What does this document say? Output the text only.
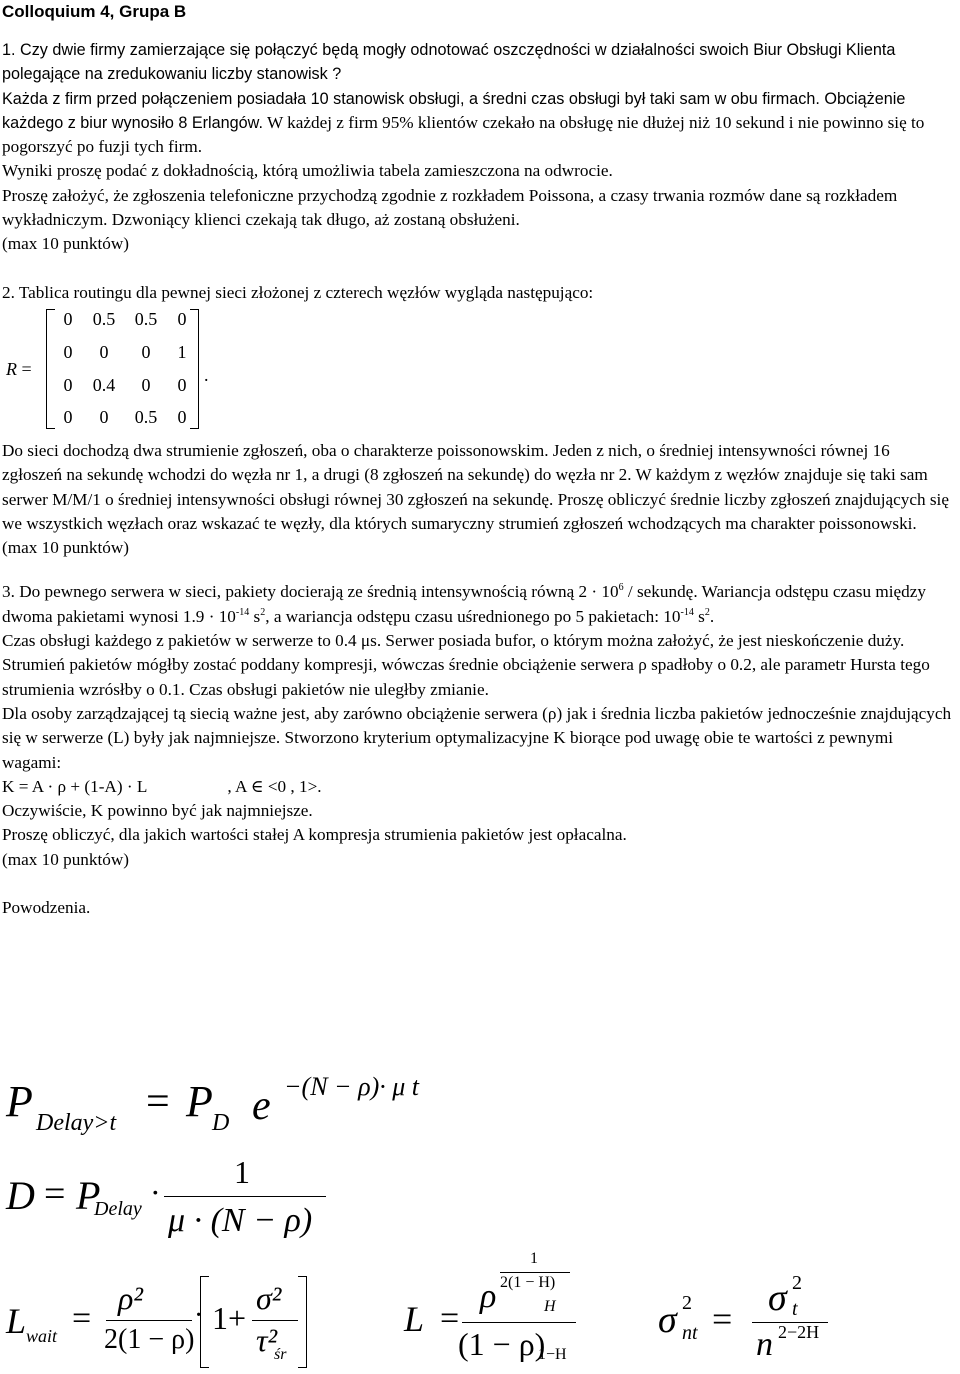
Colloquium 4, Grupa B

1. Czy dwie firmy zamierzające się połączyć będą mogły odnotować oszczędności w działalności swoich Biur Obsługi Klienta polegające na zredukowaniu liczby stanowisk ?

Każda z firm przed połączeniem posiadała 10 stanowisk obsługi, a średni czas obsługi był taki sam w obu firmach. Obciążenie każdego z biur wynosiło 8 Erlangów. W każdej z firm 95% klientów czekało na obsługę nie dłużej niż 10 sekund i nie powinno się to pogorszyć po fuzji tych firm.

Wyniki proszę podać z dokładnością, którą umożliwia tabela zamieszczona na odwrocie.

Proszę założyć, że zgłoszenia telefoniczne przychodzą zgodnie z rozkładem Poissona, a czasy trwania rozmów dane są rozkładem wykładniczym. Dzwoniący klienci czekają tak długo, aż zostaną obsłużeni.

(max 10 punktów)

2. Tablica routingu dla pewnej sieci złożonej z czterech węzłów wygląda następująco:

R =
0	0.5	0.5	0
0	0	0	1
0	0.4	0	0
0	0	0.5	0
.

Do sieci dochodzą dwa strumienie zgłoszeń, oba o charakterze poissonowskim. Jeden z nich, o średniej intensywności równej 16 zgłoszeń na sekundę wchodzi do węzła nr 1, a drugi (8 zgłoszeń na sekundę) do węzła nr 2. W każdym z węzłów znajduje się taki sam serwer M/M/1 o średniej intensywności obsługi równej 30 zgłoszeń na sekundę. Proszę obliczyć średnie liczby zgłoszeń znajdujących się we wszystkich węzłach oraz wskazać te węzły, dla których sumaryczny strumień zgłoszeń wchodzących ma charakter poissonowski.

(max 10 punktów)

3. Do pewnego serwera w sieci, pakiety docierają ze średnią intensywnością równą $2 \cdot 10^6$ / sekundę. Wariancja odstępu czasu między dwoma pakietami wynosi $1.9 \cdot 10^{-14}$ $s^2$, a wariancja odstępu czasu uśrednionego po 5 pakietach: $10^{-14}$ $s^2$.

Czas obsługi każdego z pakietów w serwerze to 0.4 μs. Serwer posiada bufor, o którym można założyć, że jest nieskończenie duży.

Strumień pakietów mógłby zostać poddany kompresji, wówczas średnie obciążenie serwera ρ spadłoby o 0.2, ale parametr Hursta tego strumienia wzrósłby o 0.1. Czas obsługi pakietów nie uległby zmianie.

Dla osoby zarządzającej tą siecią ważne jest, aby zarówno obciążenie serwera (ρ) jak i średnia liczba pakietów jednocześnie znajdujących się w serwerze (L) były jak najmniejsze. Stworzono kryterium optymalizacyjne K biorące pod uwagę obie te wartości z pewnymi wagami:

K = A · ρ + (1-A) · L	, A ∈ <0 , 1>.

Oczywiście, K powinno być jak najmniejsze.

Proszę obliczyć, dla jakich wartości stałej A kompresja strumienia pakietów jest opłacalna.

(max 10 punktów)

Powodzenia.

P Delay>t = P D e −(N − ρ)· μ t
D = P
Delay ·
1
μ · (N − ρ)
L wait =
ρ²
2(1 − ρ)
· 1+
σ²
τ²
śr
L =
ρ
1
2(1 − H)
H
(1 − ρ)
1−H
σ 2
nt = σ 2
t
n 2−2H
